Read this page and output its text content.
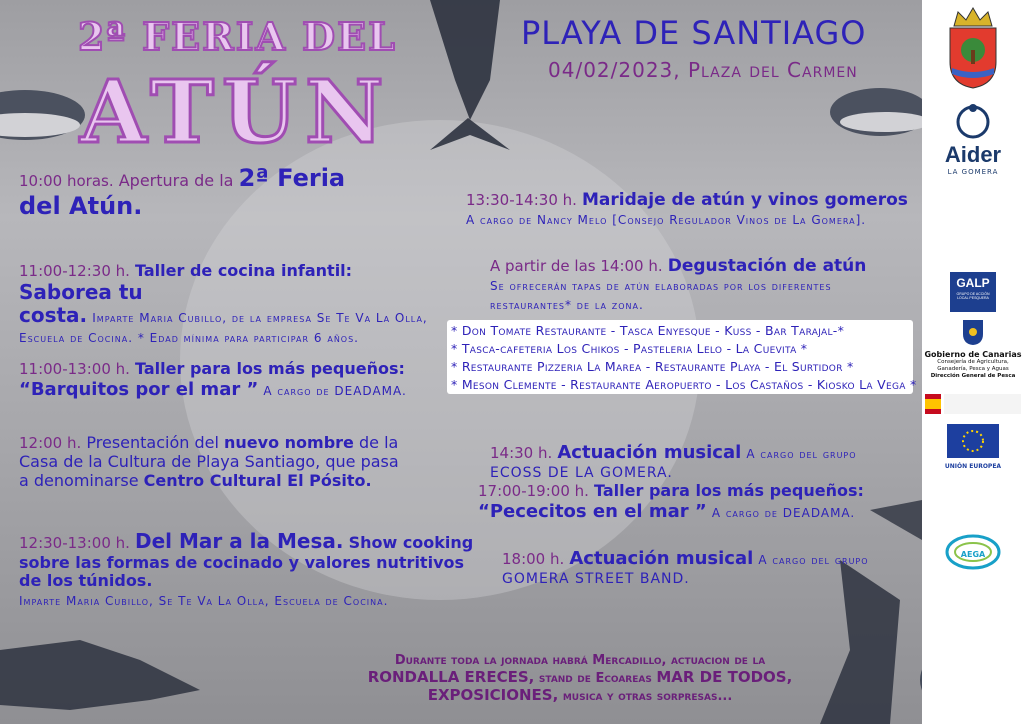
2ª FERIA DEL
ATÚN
PLAYA DE SANTIAGO
04/02/2023, Plaza del Carmen
10:00 horas. Apertura de la 2ª Feria
del Atún.
11:00-12:30 h. Taller de cocina infantil: Saborea tu
costa. Imparte Maria Cubillo, de la empresa Se Te Va La Olla,
Escuela de Cocina. * Edad mínima para participar 6 años.
11:00-13:00 h. Taller para los más pequeños:
“Barquitos por el mar ” A cargo de DEADAMA.
12:00 h. Presentación del nuevo nombre de la
Casa de la Cultura de Playa Santiago, que pasa
a denominarse Centro Cultural El Pósito.
12:30-13:00 h. Del Mar a la Mesa. Show cooking
sobre las formas de cocinado y valores nutritivos
de los túnidos.
Imparte Maria Cubillo, Se Te Va La Olla, Escuela de Cocina.
13:30-14:30 h. Maridaje de atún y vinos gomeros
A cargo de Nancy Melo [Consejo Regulador Vinos de La Gomera].
A partir de las 14:00 h. Degustación de atún
Se ofrecerán tapas de atún elaboradas por los diferentes
restaurantes* de la zona.
* Don Tomate Restaurante - Tasca Enyesque - Kuss - Bar Tarajal-*
* Tasca-cafeteria Los Chikos - Pasteleria Lelo - La Cuevita *
* Restaurante Pizzeria La Marea - Restaurante Playa - El Surtidor *
* Meson Clemente - Restaurante Aeropuerto - Los Castaños - Kiosko La Vega *
14:30 h. Actuación musical A cargo del grupo
ECOSS DE LA GOMERA.
17:00-19:00 h. Taller para los más pequeños:
“Pececitos en el mar ” A cargo de DEADAMA.
18:00 h. Actuación musical A cargo del grupo
GOMERA STREET BAND.
Durante toda la jornada habrá Mercadillo, actuacion de la
RONDALLA ERECES, stand de Ecoareas MAR DE TODOS,
EXPOSICIONES, musica y otras sorpresas...
Aider
LA GOMERA
GALP
GRUPO DE ACCIÓN LOCAL PESQUERA
Gobierno de Canarias
Consejería de Agricultura,
Ganadería, Pesca y Aguas
Dirección General de Pesca
UNIÓN EUROPEA
AEGA
